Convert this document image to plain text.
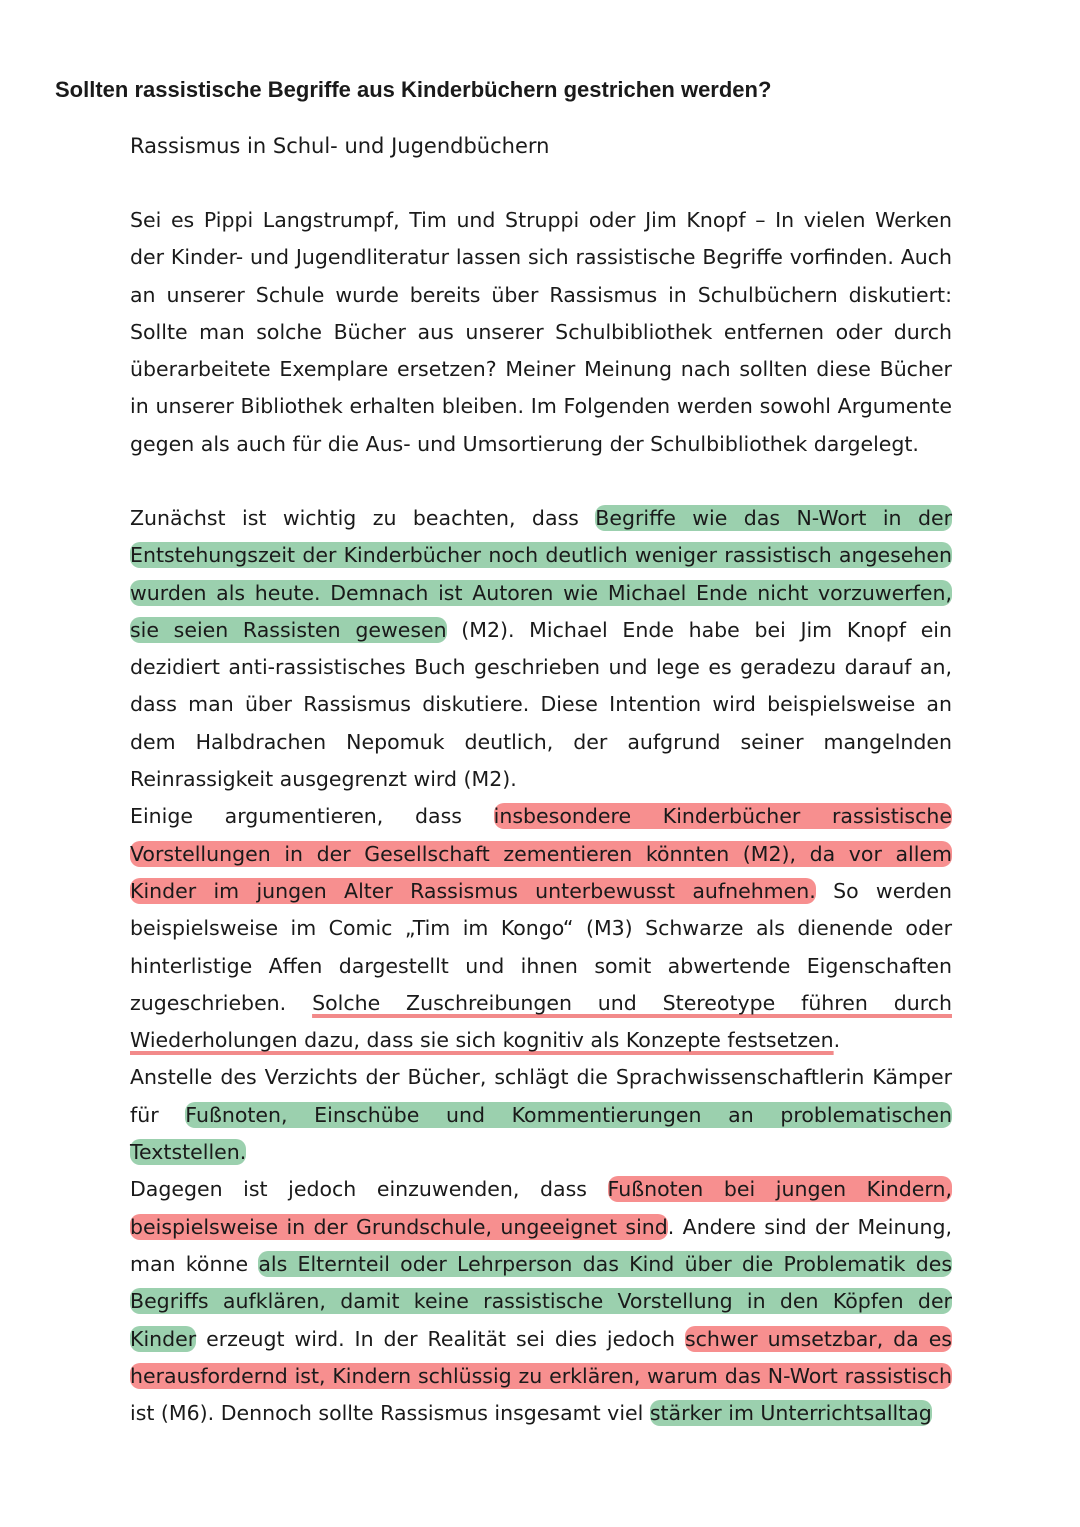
Sollten rassistische Begriffe aus Kinderbüchern gestrichen werden?

Rassismus in Schul- und Jugendbüchern

Sei es Pippi Langstrumpf, Tim und Struppi oder Jim Knopf – In vielen Werken der Kinder- und Jugendliteratur lassen sich rassistische Begriffe vorfinden. Auch an unserer Schule wurde bereits über Rassismus in Schulbüchern diskutiert: Sollte man solche Bücher aus unserer Schulbibliothek entfernen oder durch überarbeitete Exemplare ersetzen? Meiner Meinung nach sollten diese Bücher in unserer Bibliothek erhalten bleiben. Im Folgenden werden sowohl Argumente gegen als auch für die Aus- und Umsortierung der Schulbibliothek dargelegt.

Zunächst ist wichtig zu beachten, dass Begriffe wie das N-Wort in der Entstehungszeit der Kinderbücher noch deutlich weniger rassistisch angesehen wurden als heute. Demnach ist Autoren wie Michael Ende nicht vorzuwerfen, sie seien Rassisten gewesen (M2). Michael Ende habe bei Jim Knopf ein dezidiert anti-rassistisches Buch geschrieben und lege es geradezu darauf an, dass man über Rassismus diskutiere. Diese Intention wird beispielsweise an dem Halbdrachen Nepomuk deutlich, der aufgrund seiner mangelnden Reinrassigkeit ausgegrenzt wird (M2).
Einige argumentieren, dass insbesondere Kinderbücher rassistische Vorstellungen in der Gesellschaft zementieren könnten (M2), da vor allem Kinder im jungen Alter Rassismus unterbewusst aufnehmen. So werden beispielsweise im Comic „Tim im Kongo“ (M3) Schwarze als dienende oder hinterlistige Affen dargestellt und ihnen somit abwertende Eigenschaften zugeschrieben. Solche Zuschreibungen und Stereotype führen durch Wiederholungen dazu, dass sie sich kognitiv als Konzepte festsetzen.
Anstelle des Verzichts der Bücher, schlägt die Sprachwissenschaftlerin Kämper für Fußnoten, Einschübe und Kommentierungen an problematischen Textstellen.
Dagegen ist jedoch einzuwenden, dass Fußnoten bei jungen Kindern, beispielsweise in der Grundschule, ungeeignet sind. Andere sind der Meinung, man könne als Elternteil oder Lehrperson das Kind über die Problematik des Begriffs aufklären, damit keine rassistische Vorstellung in den Köpfen der Kinder erzeugt wird. In der Realität sei dies jedoch schwer umsetzbar, da es herausfordernd ist, Kindern schlüssig zu erklären, warum das N-Wort rassistisch ist (M6). Dennoch sollte Rassismus insgesamt viel stärker im Unterrichtsalltag
